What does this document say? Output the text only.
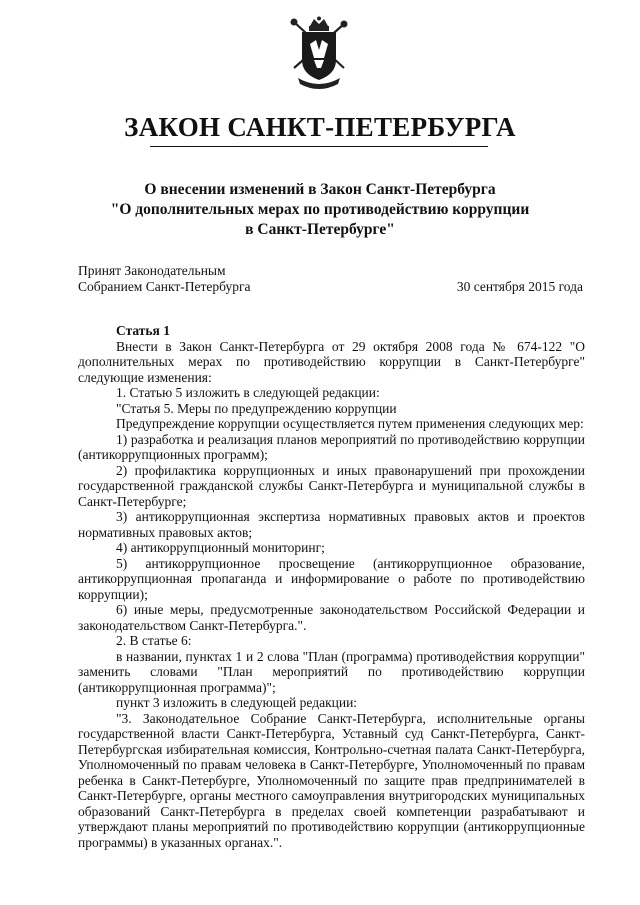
ЗАКОН САНКТ-ПЕТЕРБУРГА
О внесении изменений в Закон Санкт-Петербурга
"О дополнительных мерах по противодействию коррупции
в Санкт-Петербурге"
Принят Законодательным
Собранием Санкт-Петербурга	30 сентября 2015 года
Статья 1

Внести в Закон Санкт-Петербурга от 29 октября 2008 года № 674-122 "О дополнительных мерах по противодействию коррупции в Санкт-Петербурге" следующие изменения:

1. Статью 5 изложить в следующей редакции:

"Статья 5. Меры по предупреждению коррупции

Предупреждение коррупции осуществляется путем применения следующих мер:

1) разработка и реализация планов мероприятий по противодействию коррупции (антикоррупционных программ);

2) профилактика коррупционных и иных правонарушений при прохождении государственной гражданской службы Санкт-Петербурга и муниципальной службы в Санкт-Петербурге;

3) антикоррупционная экспертиза нормативных правовых актов и проектов нормативных правовых актов;

4) антикоррупционный мониторинг;

5) антикоррупционное просвещение (антикоррупционное образование, антикоррупционная пропаганда и информирование о работе по противодействию коррупции);

6) иные меры, предусмотренные законодательством Российской Федерации и законодательством Санкт-Петербурга.".

2. В статье 6:

в названии, пунктах 1 и 2 слова "План (программа) противодействия коррупции" заменить словами "План мероприятий по противодействию коррупции (антикоррупционная программа)";

пункт 3 изложить в следующей редакции:

"3. Законодательное Собрание Санкт-Петербурга, исполнительные органы государственной власти Санкт-Петербурга, Уставный суд Санкт-Петербурга, Санкт-Петербургская избирательная комиссия, Контрольно-счетная палата Санкт-Петербурга, Уполномоченный по правам человека в Санкт-Петербурге, Уполномоченный по правам ребенка в Санкт-Петербурге, Уполномоченный по защите прав предпринимателей в Санкт-Петербурге, органы местного самоуправления внутригородских муниципальных образований Санкт-Петербурга в пределах своей компетенции разрабатывают и утверждают планы мероприятий по противодействию коррупции (антикоррупционные программы) в указанных органах.".
